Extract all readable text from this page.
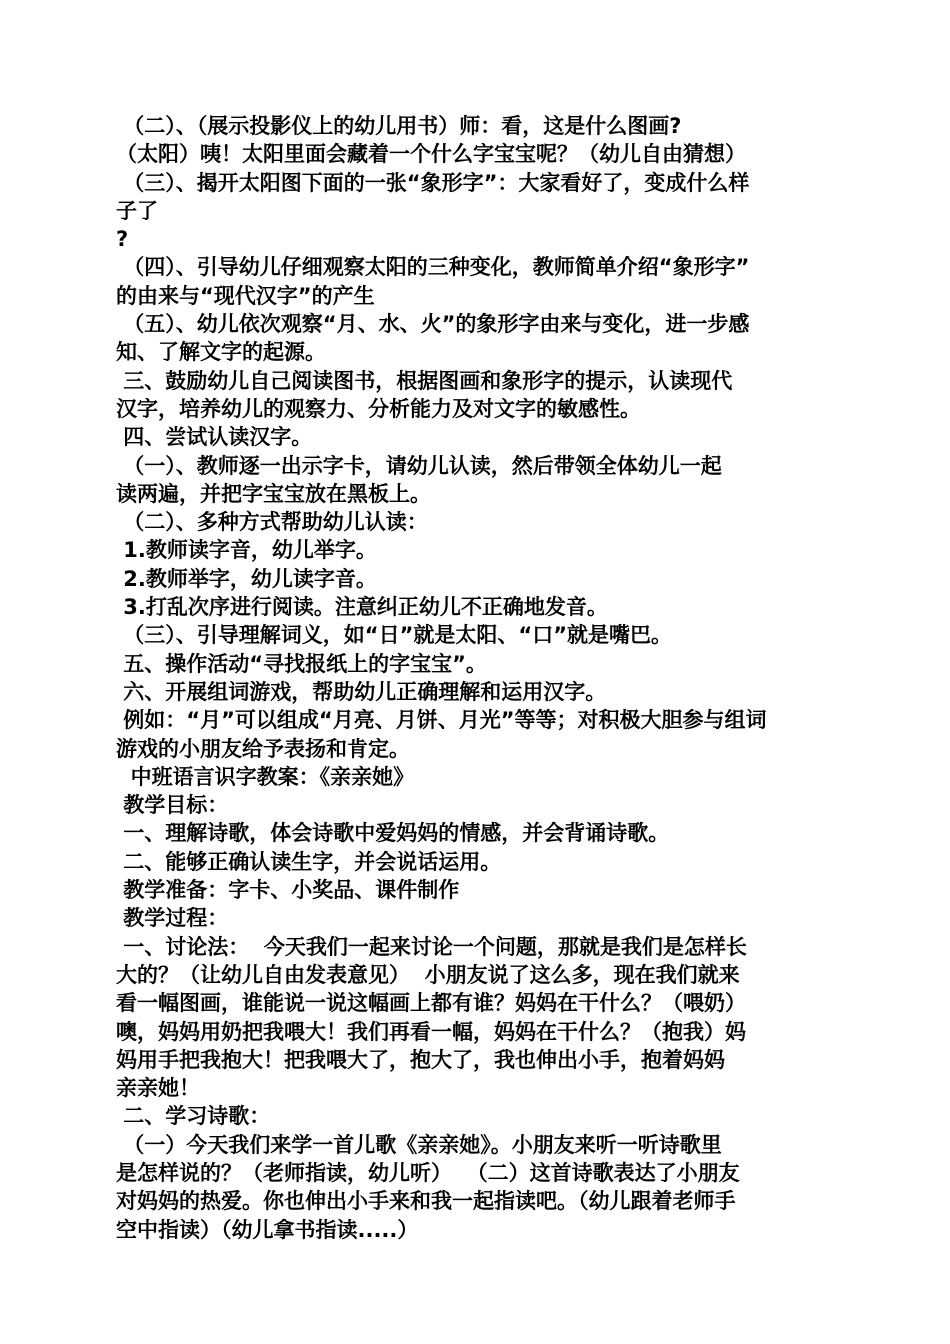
（二）、（展示投影仪上的幼儿用书）师：看，这是什么图画?

（太阳）咦！太阳里面会藏着一个什么字宝宝呢？（幼儿自由猜想）

（三）、揭开太阳图下面的一张“象形字”：大家看好了，变成什么样

子了

?

（四）、引导幼儿仔细观察太阳的三种变化，教师简单介绍“象形字”

的由来与“现代汉字”的产生

（五）、幼儿依次观察“月、水、火”的象形字由来与变化，进一步感

知、了解文字的起源。

三、鼓励幼儿自己阅读图书，根据图画和象形字的提示，认读现代

汉字，培养幼儿的观察力、分析能力及对文字的敏感性。

四、尝试认读汉字。

（一）、教师逐一出示字卡，请幼儿认读，然后带领全体幼儿一起

读两遍，并把字宝宝放在黑板上。

（二）、多种方式帮助幼儿认读：

1.教师读字音，幼儿举字。

2.教师举字，幼儿读字音。

3.打乱次序进行阅读。注意纠正幼儿不正确地发音。

（三）、引导理解词义，如“日”就是太阳、“口”就是嘴巴。

五、操作活动“寻找报纸上的字宝宝”。

六、开展组词游戏，帮助幼儿正确理解和运用汉字。

例如：“月”可以组成“月亮、月饼、月光”等等；对积极大胆参与组词

游戏的小朋友给予表扬和肯定。

中班语言识字教案：《亲亲她》

教学目标：

一、理解诗歌，体会诗歌中爱妈妈的情感，并会背诵诗歌。

二、能够正确认读生字，并会说话运用。

教学准备：字卡、小奖品、课件制作

教学过程：

一、讨论法：  今天我们一起来讨论一个问题，那就是我们是怎样长

大的？（让幼儿自由发表意见）  小朋友说了这么多，现在我们就来

看一幅图画，谁能说一说这幅画上都有谁？妈妈在干什么？（喂奶）

噢，妈妈用奶把我喂大！我们再看一幅，妈妈在干什么？（抱我）妈

妈用手把我抱大！把我喂大了，抱大了，我也伸出小手，抱着妈妈

亲亲她！

二、学习诗歌：

（一）今天我们来学一首儿歌《亲亲她》。小朋友来听一听诗歌里

是怎样说的？（老师指读，幼儿听）  （二）这首诗歌表达了小朋友

对妈妈的热爱。你也伸出小手来和我一起指读吧。（幼儿跟着老师手

空中指读）（幼儿拿书指读.....）
